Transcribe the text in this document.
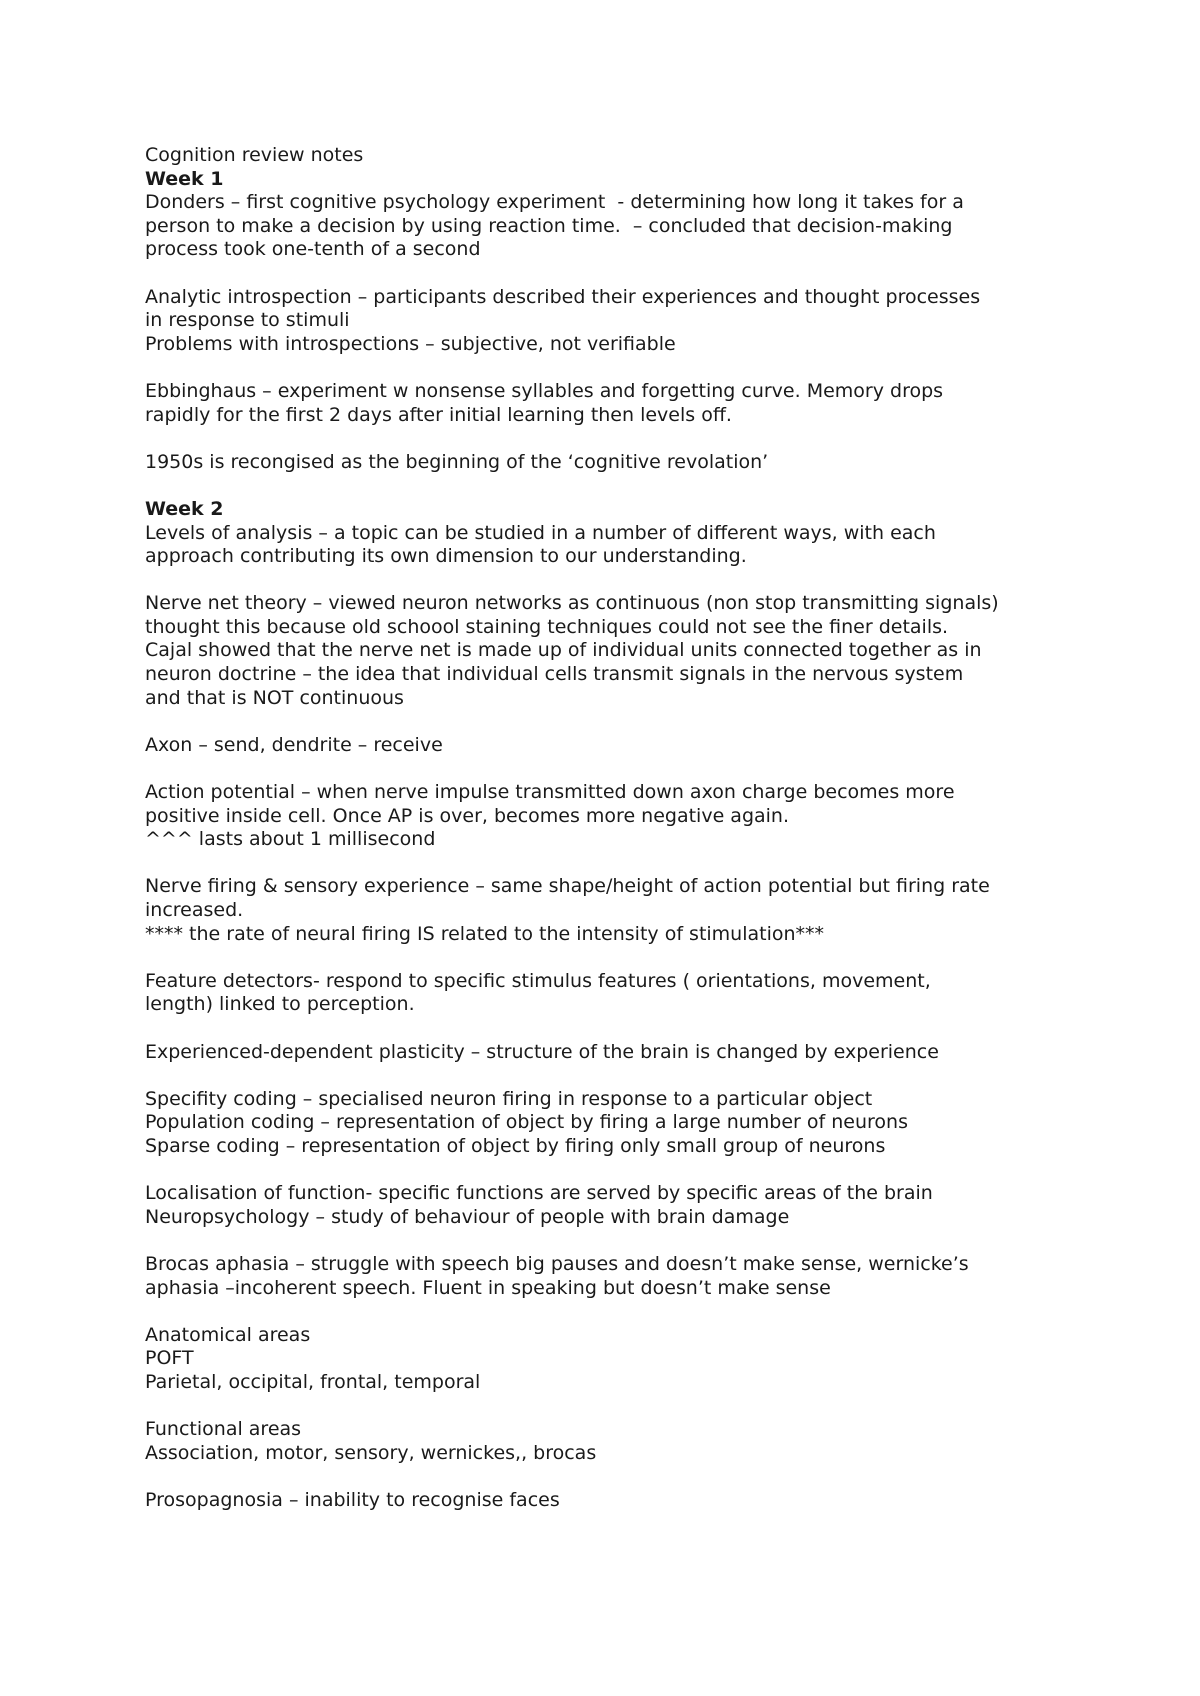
Cognition review notes
Week 1
Donders – first cognitive psychology experiment  - determining how long it takes for a
person to make a decision by using reaction time.  – concluded that decision-making
process took one-tenth of a second
Analytic introspection – participants described their experiences and thought processes
in response to stimuli
Problems with introspections – subjective, not verifiable
Ebbinghaus – experiment w nonsense syllables and forgetting curve. Memory drops
rapidly for the first 2 days after initial learning then levels off.
1950s is recongised as the beginning of the ‘cognitive revolation’
Week 2
Levels of analysis – a topic can be studied in a number of different ways, with each
approach contributing its own dimension to our understanding.
Nerve net theory – viewed neuron networks as continuous (non stop transmitting signals)
thought this because old schoool staining techniques could not see the finer details.
Cajal showed that the nerve net is made up of individual units connected together as in
neuron doctrine – the idea that individual cells transmit signals in the nervous system
and that is NOT continuous
Axon – send, dendrite – receive
Action potential – when nerve impulse transmitted down axon charge becomes more
positive inside cell. Once AP is over, becomes more negative again.
^^^ lasts about 1 millisecond
Nerve firing & sensory experience – same shape/height of action potential but firing rate
increased.
**** the rate of neural firing IS related to the intensity of stimulation***
Feature detectors- respond to specific stimulus features ( orientations, movement,
length) linked to perception.
Experienced-dependent plasticity – structure of the brain is changed by experience
Specifity coding – specialised neuron firing in response to a particular object
Population coding – representation of object by firing a large number of neurons
Sparse coding – representation of object by firing only small group of neurons
Localisation of function- specific functions are served by specific areas of the brain
Neuropsychology – study of behaviour of people with brain damage
Brocas aphasia – struggle with speech big pauses and doesn’t make sense, wernicke’s
aphasia –incoherent speech. Fluent in speaking but doesn’t make sense
Anatomical areas
POFT
Parietal, occipital, frontal, temporal
Functional areas
Association, motor, sensory, wernickes,, brocas
Prosopagnosia – inability to recognise faces
